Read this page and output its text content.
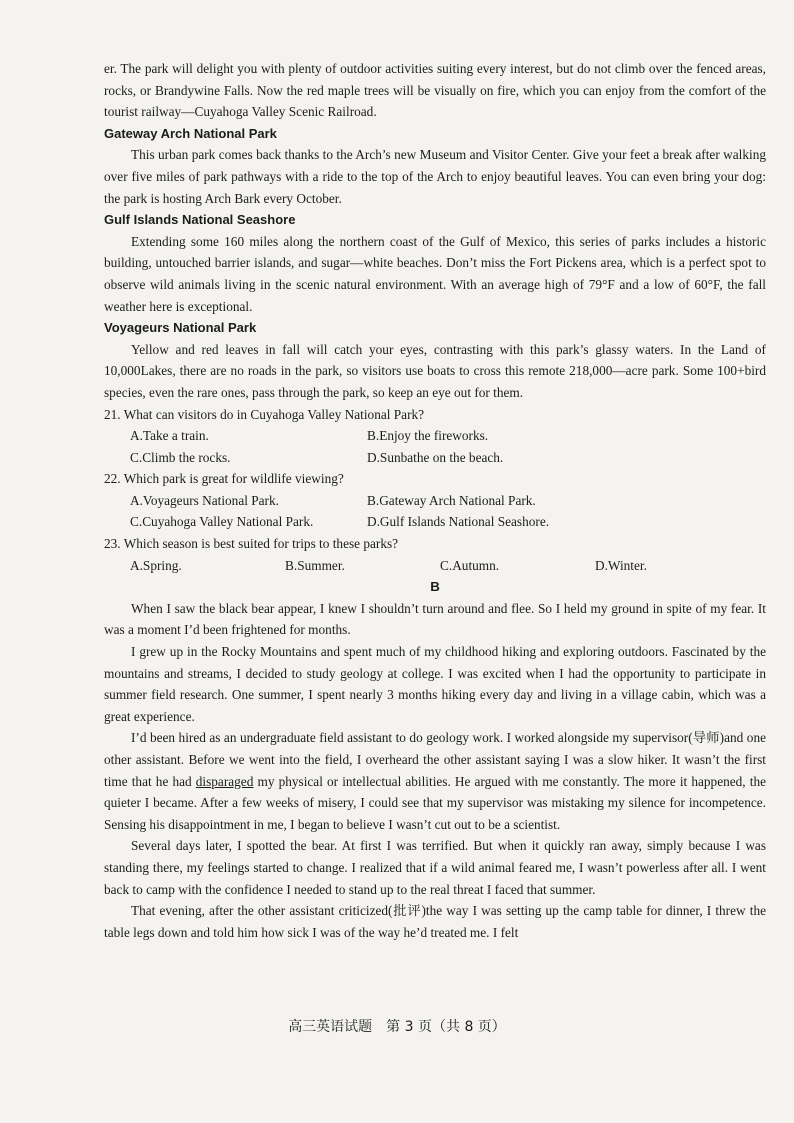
er. The park will delight you with plenty of outdoor activities suiting every interest, but do not climb over the fenced areas, rocks, or Brandywine Falls. Now the red maple trees will be visually on fire, which you can enjoy from the comfort of the tourist railway—Cuyahoga Valley Scenic Railroad.

Gateway Arch National Park

This urban park comes back thanks to the Arch’s new Museum and Visitor Center. Give your feet a break after walking over five miles of park pathways with a ride to the top of the Arch to enjoy beautiful leaves. You can even bring your dog: the park is hosting Arch Bark every October.

Gulf Islands National Seashore

Extending some 160 miles along the northern coast of the Gulf of Mexico, this series of parks includes a historic building, untouched barrier islands, and sugar—white beaches. Don’t miss the Fort Pickens area, which is a perfect spot to observe wild animals living in the scenic natural environment. With an average high of 79°F and a low of 60°F, the fall weather here is exceptional.

Voyageurs National Park

Yellow and red leaves in fall will catch your eyes, contrasting with this park’s glassy waters. In the Land of 10,000Lakes, there are no roads in the park, so visitors use boats to cross this remote 218,000—acre park. Some 100+bird species, even the rare ones, pass through the park, so keep an eye out for them.

21. What can visitors do in Cuyahoga Valley National Park?

A.Take a train.	B.Enjoy the fireworks.
C.Climb the rocks.	D.Sunbathe on the beach.

22. Which park is great for wildlife viewing?

A.Voyageurs National Park.	B.Gateway Arch National Park.
C.Cuyahoga Valley National Park.	D.Gulf Islands National Seashore.

23. Which season is best suited for trips to these parks?

A.Spring.	B.Summer.	C.Autumn.	D.Winter.

B

When I saw the black bear appear, I knew I shouldn’t turn around and flee. So I held my ground in spite of my fear. It was a moment I’d been frightened for months.

I grew up in the Rocky Mountains and spent much of my childhood hiking and exploring outdoors. Fascinated by the mountains and streams, I decided to study geology at college. I was excited when I had the opportunity to participate in summer field research. One summer, I spent nearly 3 months hiking every day and living in a village cabin, which was a great experience.

I’d been hired as an undergraduate field assistant to do geology work. I worked alongside my supervisor(导师)and one other assistant. Before we went into the field, I overheard the other assistant saying I was a slow hiker. It wasn’t the first time that he had disparaged my physical or intellectual abilities. He argued with me constantly. The more it happened, the quieter I became. After a few weeks of misery, I could see that my supervisor was mistaking my silence for incompetence. Sensing his disappointment in me, I began to believe I wasn’t cut out to be a scientist.

Several days later, I spotted the bear. At first I was terrified. But when it quickly ran away, simply because I was standing there, my feelings started to change. I realized that if a wild animal feared me, I wasn’t powerless after all. I went back to camp with the confidence I needed to stand up to the real threat I faced that summer.

That evening, after the other assistant criticized(批评)the way I was setting up the camp table for dinner, I threw the table legs down and told him how sick I was of the way he’d treated me. I felt

高三英语试题　第 3 页（共 8 页）
